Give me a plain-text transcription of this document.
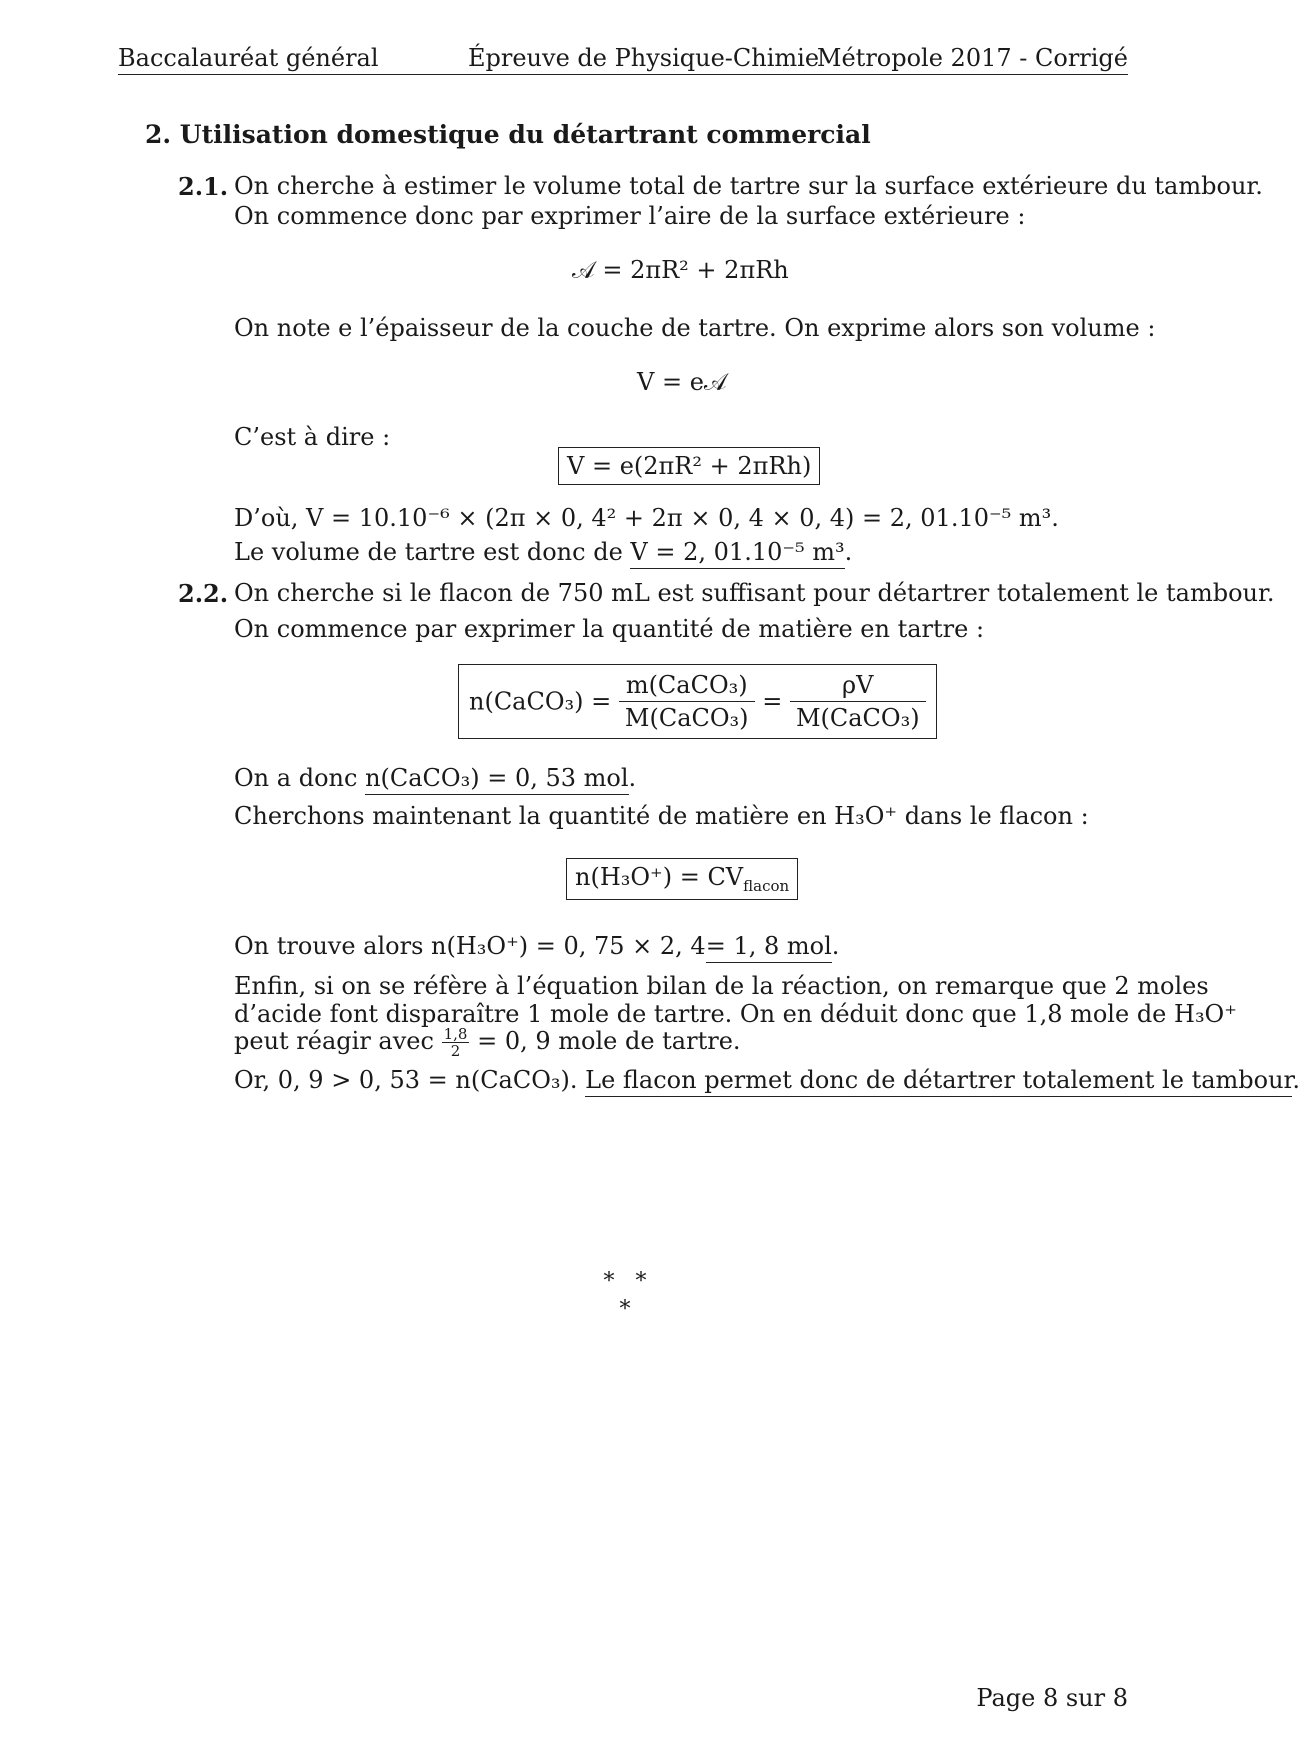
Baccalauréat général	Épreuve de Physique-Chimie
Métropole 2017 - Corrigé
2. Utilisation domestique du détartrant commercial
2.1. On cherche à estimer le volume total de tartre sur la surface extérieure du tambour.
On commence donc par exprimer l’aire de la surface extérieure :
𝒜 = 2πR² + 2πRh
On note e l’épaisseur de la couche de tartre. On exprime alors son volume :
V = e𝒜
C’est à dire :
V = e(2πR² + 2πRh)
D’où, V = 10.10⁻⁶ × (2π × 0, 4² + 2π × 0, 4 × 0, 4) = 2, 01.10⁻⁵ m³.
Le volume de tartre est donc de V = 2, 01.10⁻⁵ m³.
2.2. On cherche si le flacon de 750 mL est suffisant pour détartrer totalement le tambour.
On commence par exprimer la quantité de matière en tartre :
n(CaCO₃) = $\frac{\text{m(CaCO₃)}}{\text{M(CaCO₃)}} = \frac{\rho V}{\text{M(CaCO₃)}}$
On a donc n(CaCO₃) = 0, 53 mol.
Cherchons maintenant la quantité de matière en H₃O⁺ dans le flacon :
$n(H_3O^+) = CV_{flacon}$
On trouve alors n(H₃O⁺) = 0, 75 × 2, 4= 1, 8 mol.
Enfin, si on se réfère à l’équation bilan de la réaction, on remarque que 2 moles
d’acide font disparaître 1 mole de tartre. On en déduit donc que 1,8 mole de H₃O⁺
peut réagir avec $\frac{1,8}{2} = 0$, 9 mole de tartre.
Or, 0, 9 > 0, 53 = n(CaCO₃). Le flacon permet donc de détartrer totalement le tambour.
*   *
*
Page 8 sur 8
